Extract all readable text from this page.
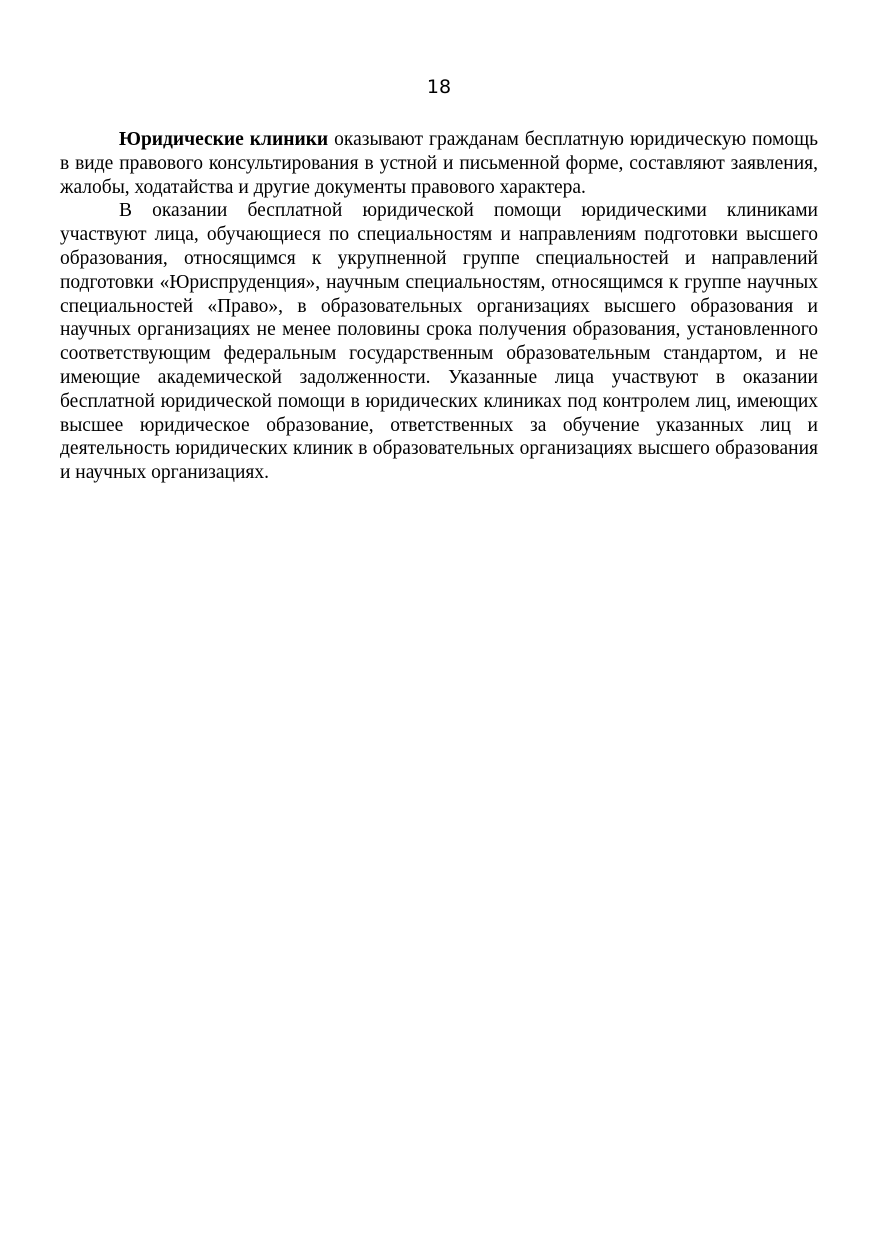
18

Юридические клиники оказывают гражданам бесплатную юридическую помощь в виде правового консультирования в устной и письменной форме, составляют заявления, жалобы, ходатайства и другие документы правового характера.

В оказании бесплатной юридической помощи юридическими клиниками участвуют лица, обучающиеся по специальностям и направлениям подготовки высшего образования, относящимся к укрупненной группе специальностей и направлений подготовки «Юриспруденция», научным специальностям, относящимся к группе научных специальностей «Право», в образовательных организациях высшего образования и научных организациях не менее половины срока получения образования, установленного соответствующим федеральным государственным образовательным стандартом, и не имеющие академической задолженности. Указанные лица участвуют в оказании бесплатной юридической помощи в юридических клиниках под контролем лиц, имеющих высшее юридическое образование, ответственных за обучение указанных лиц и деятельность юридических клиник в образовательных организациях высшего образования и научных организациях.
